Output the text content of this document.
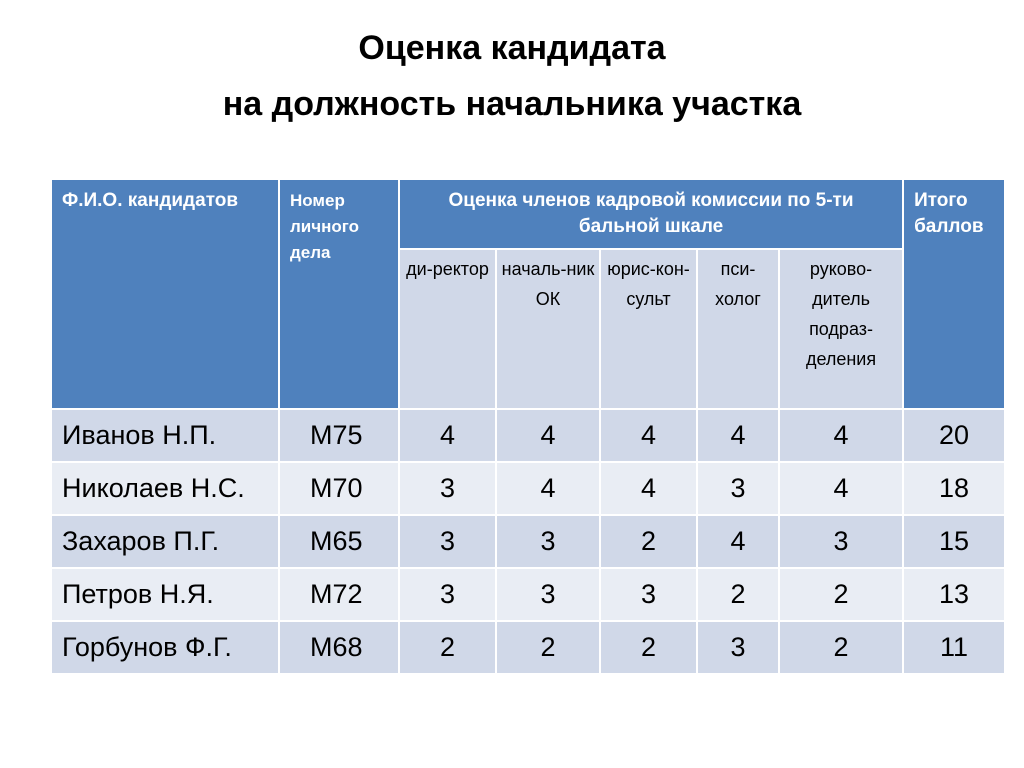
Оценка кандидата
на должность начальника участка
Ф.И.О. кандидатов	Номер личного дела	Оценка членов кадровой комиссии по 5-ти бальной шкале					Итого баллов
		ди-ректор	началь-ник ОК	юрис-кон-сульт	пси-холог	руково-дитель подраз-деления	
Иванов Н.П.	М75	4	4	4	4	4	20
Николаев Н.С.	М70	3	4	4	3	4	18
Захаров П.Г.	М65	3	3	2	4	3	15
Петров Н.Я.	М72	3	3	3	2	2	13
Горбунов Ф.Г.	М68	2	2	2	3	2	11
